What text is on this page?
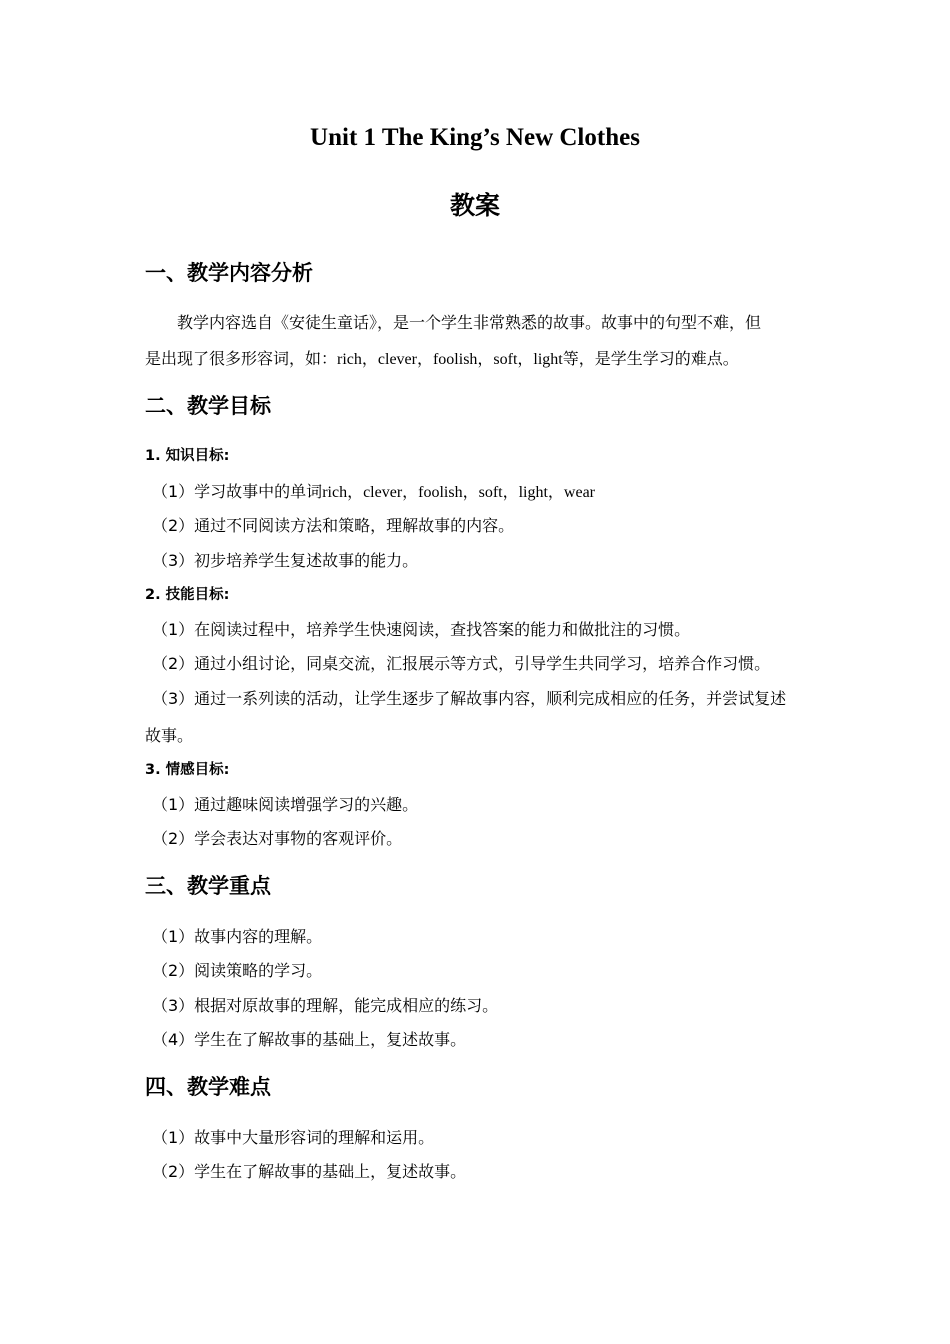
Unit 1 The King’s New Clothes
教案
一、教学内容分析
教学内容选自《安徒生童话》，是一个学生非常熟悉的故事。故事中的句型不难，但
是出现了很多形容词，如：rich，clever，foolish，soft，light等，是学生学习的难点。
二、教学目标
1. 知识目标:
（1）学习故事中的单词rich，clever，foolish，soft，light，wear
（2）通过不同阅读方法和策略，理解故事的内容。
（3）初步培养学生复述故事的能力。
2. 技能目标:
（1）在阅读过程中，培养学生快速阅读，查找答案的能力和做批注的习惯。
（2）通过小组讨论，同桌交流，汇报展示等方式，引导学生共同学习，培养合作习惯。
（3）通过一系列读的活动，让学生逐步了解故事内容，顺利完成相应的任务，并尝试复述
故事。
3. 情感目标:
（1）通过趣味阅读增强学习的兴趣。
（2）学会表达对事物的客观评价。
三、教学重点
（1）故事内容的理解。
（2）阅读策略的学习。
（3）根据对原故事的理解，能完成相应的练习。
（4）学生在了解故事的基础上，复述故事。
四、教学难点
（1）故事中大量形容词的理解和运用。
（2）学生在了解故事的基础上，复述故事。
